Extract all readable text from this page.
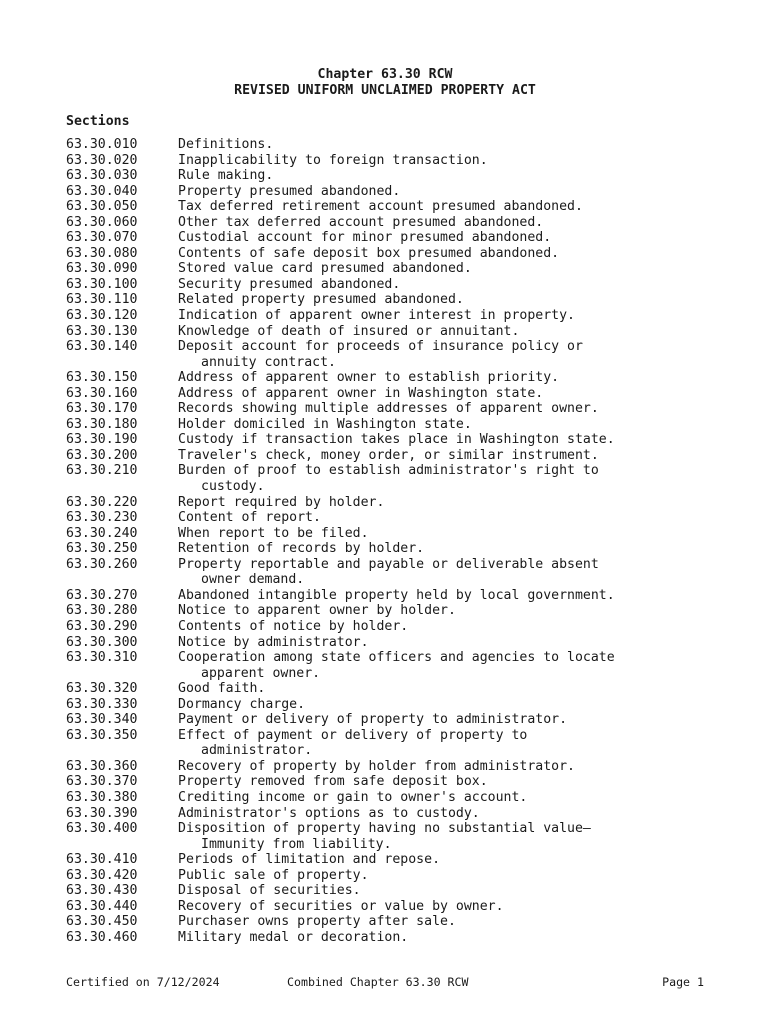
Chapter 63.30 RCW
REVISED UNIFORM UNCLAIMED PROPERTY ACT
Sections
63.30.010	Definitions.
63.30.020	Inapplicability to foreign transaction.
63.30.030	Rule making.
63.30.040	Property presumed abandoned.
63.30.050	Tax deferred retirement account presumed abandoned.
63.30.060	Other tax deferred account presumed abandoned.
63.30.070	Custodial account for minor presumed abandoned.
63.30.080	Contents of safe deposit box presumed abandoned.
63.30.090	Stored value card presumed abandoned.
63.30.100	Security presumed abandoned.
63.30.110	Related property presumed abandoned.
63.30.120	Indication of apparent owner interest in property.
63.30.130	Knowledge of death of insured or annuitant.
63.30.140	Deposit account for proceeds of insurance policy or
annuity contract.
63.30.150	Address of apparent owner to establish priority.
63.30.160	Address of apparent owner in Washington state.
63.30.170	Records showing multiple addresses of apparent owner.
63.30.180	Holder domiciled in Washington state.
63.30.190	Custody if transaction takes place in Washington state.
63.30.200	Traveler's check, money order, or similar instrument.
63.30.210	Burden of proof to establish administrator's right to
custody.
63.30.220	Report required by holder.
63.30.230	Content of report.
63.30.240	When report to be filed.
63.30.250	Retention of records by holder.
63.30.260	Property reportable and payable or deliverable absent
owner demand.
63.30.270	Abandoned intangible property held by local government.
63.30.280	Notice to apparent owner by holder.
63.30.290	Contents of notice by holder.
63.30.300	Notice by administrator.
63.30.310	Cooperation among state officers and agencies to locate
apparent owner.
63.30.320	Good faith.
63.30.330	Dormancy charge.
63.30.340	Payment or delivery of property to administrator.
63.30.350	Effect of payment or delivery of property to
administrator.
63.30.360	Recovery of property by holder from administrator.
63.30.370	Property removed from safe deposit box.
63.30.380	Crediting income or gain to owner's account.
63.30.390	Administrator's options as to custody.
63.30.400	Disposition of property having no substantial value—
Immunity from liability.
63.30.410	Periods of limitation and repose.
63.30.420	Public sale of property.
63.30.430	Disposal of securities.
63.30.440	Recovery of securities or value by owner.
63.30.450	Purchaser owns property after sale.
63.30.460	Military medal or decoration.
Certified on 7/12/2024	Combined Chapter 63.30 RCW	Page 1
